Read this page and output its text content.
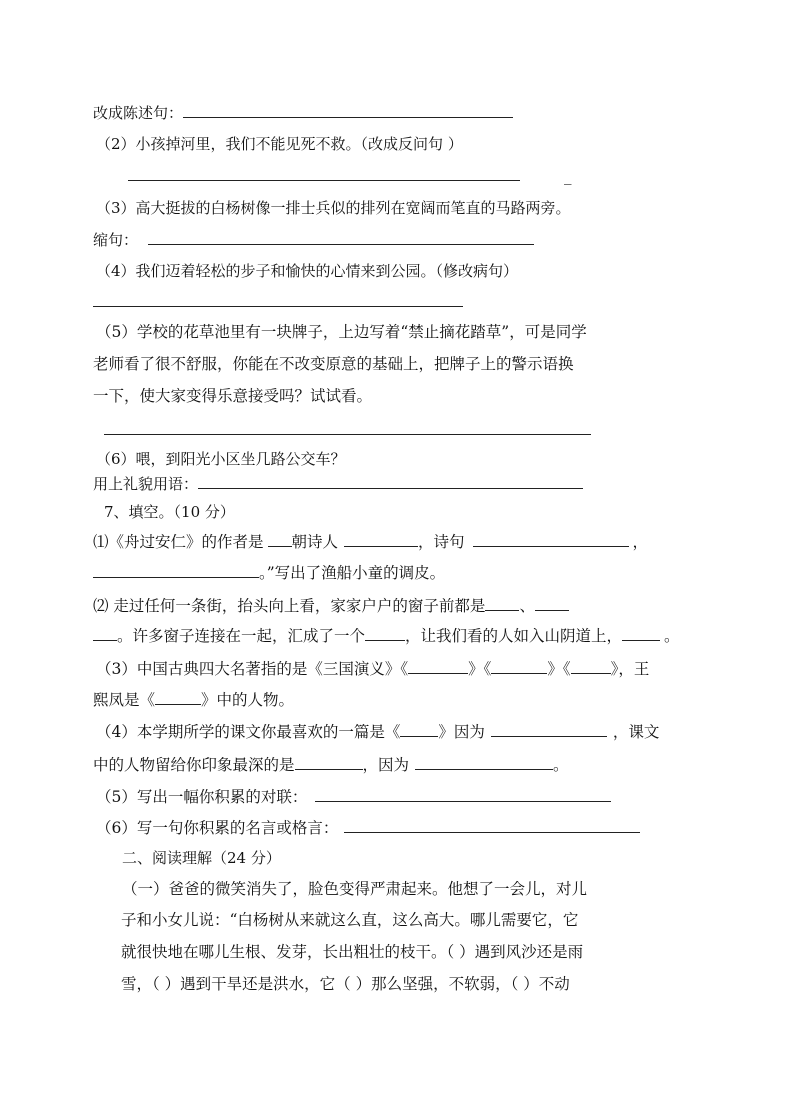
改成陈述句：
（2）小孩掉河里，我们不能见死不救。（改成反问句 ）
_
（3）高大挺拔的白杨树像一排士兵似的排列在宽阔而笔直的马路两旁。
缩句：
（4）我们迈着轻松的步子和愉快的心情来到公园。（修改病句）
（5）学校的花草池里有一块牌子，上边写着“禁止摘花踏草”，可是同学
老师看了很不舒服，你能在不改变原意的基础上，把牌子上的警示语换
一下，使大家变得乐意接受吗？试试看。
（6）喂，到阳光小区坐几路公交车？
用上礼貌用语：
7、填空。（10 分）
⑴《舟过安仁》的作者是 朝诗人	，诗句	，
。”写出了渔船小童的调皮。
⑵ 走过任何一条街，抬头向上看，家家户户的窗子前都是 、
。许多窗子连接在一起，汇成了一个	，让我们看的人如入山阴道上，	。
（3）中国古典四大名著指的是《三国演义》《	》《	》《	》，王
熙凤是《	》中的人物。
（4）本学期所学的课文你最喜欢的一篇是《 》因为	，课文
中的人物留给你印象最深的是	，因为	。
（5）写出一幅你积累的对联：
（6）写一句你积累的名言或格言：
二、阅读理解（24 分）
（一）爸爸的微笑消失了，脸色变得严肃起来。他想了一会儿，对儿
子和小女儿说：“白杨树从来就这么直，这么高大。哪儿需要它，它
就很快地在哪儿生根、发芽，长出粗壮的枝干。（ ）遇到风沙还是雨
雪，（ ）遇到干旱还是洪水，它（ ）那么坚强，不软弱，（ ）不动
